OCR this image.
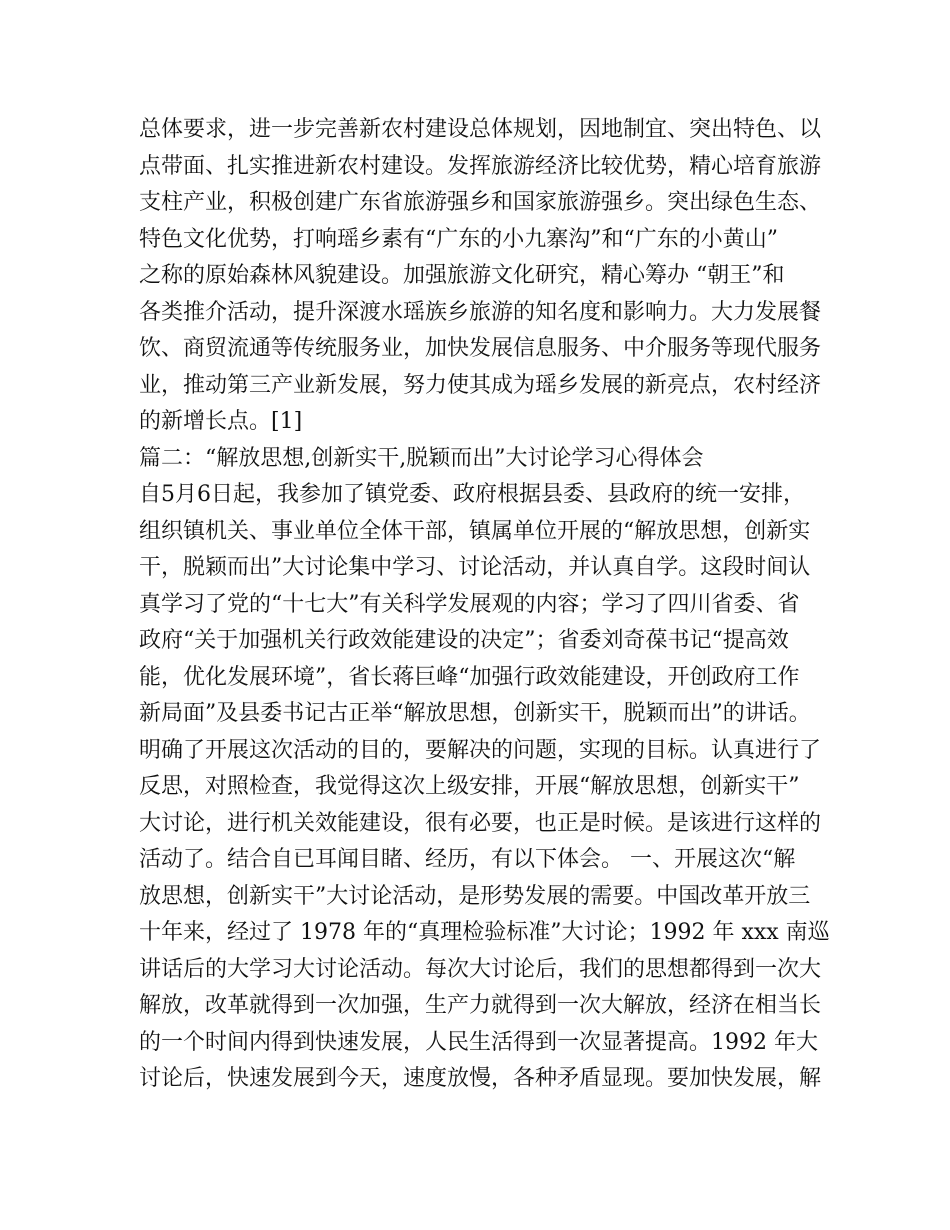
总体要求，进一步完善新农村建设总体规划，因地制宜、突出特色、以
点带面、扎实推进新农村建设。发挥旅游经济比较优势，精心培育旅游
支柱产业，积极创建广东省旅游强乡和国家旅游强乡。突出绿色生态、
特色文化优势，打响瑶乡素有“广东的小九寨沟”和“广东的小黄山”
之称的原始森林风貌建设。加强旅游文化研究，精心筹办 “朝王”和
各类推介活动，提升深渡水瑶族乡旅游的知名度和影响力。大力发展餐
饮、商贸流通等传统服务业，加快发展信息服务、中介服务等现代服务
业，推动第三产业新发展，努力使其成为瑶乡发展的新亮点，农村经济
的新增长点。[1]
篇二：“解放思想,创新实干,脱颖而出”大讨论学习心得体会
自5月6日起，我参加了镇党委、政府根据县委、县政府的统一安排，
组织镇机关、事业单位全体干部，镇属单位开展的“解放思想，创新实
干，脱颖而出”大讨论集中学习、讨论活动，并认真自学。这段时间认
真学习了党的“十七大”有关科学发展观的内容；学习了四川省委、省
政府“关于加强机关行政效能建设的决定”；省委刘奇葆书记“提高效
能，优化发展环境”，省长蒋巨峰“加强行政效能建设，开创政府工作
新局面”及县委书记古正举“解放思想，创新实干，脱颖而出”的讲话。
明确了开展这次活动的目的，要解决的问题，实现的目标。认真进行了
反思，对照检查，我觉得这次上级安排，开展“解放思想，创新实干”
大讨论，进行机关效能建设，很有必要，也正是时候。是该进行这样的
活动了。结合自已耳闻目睹、经历，有以下体会。 一、开展这次“解
放思想，创新实干”大讨论活动，是形势发展的需要。中国改革开放三
十年来，经过了 1978 年的“真理检验标准”大讨论；1992 年 xxx 南巡
讲话后的大学习大讨论活动。每次大讨论后，我们的思想都得到一次大
解放，改革就得到一次加强，生产力就得到一次大解放，经济在相当长
的一个时间内得到快速发展，人民生活得到一次显著提高。1992 年大
讨论后，快速发展到今天，速度放慢，各种矛盾显现。要加快发展，解
